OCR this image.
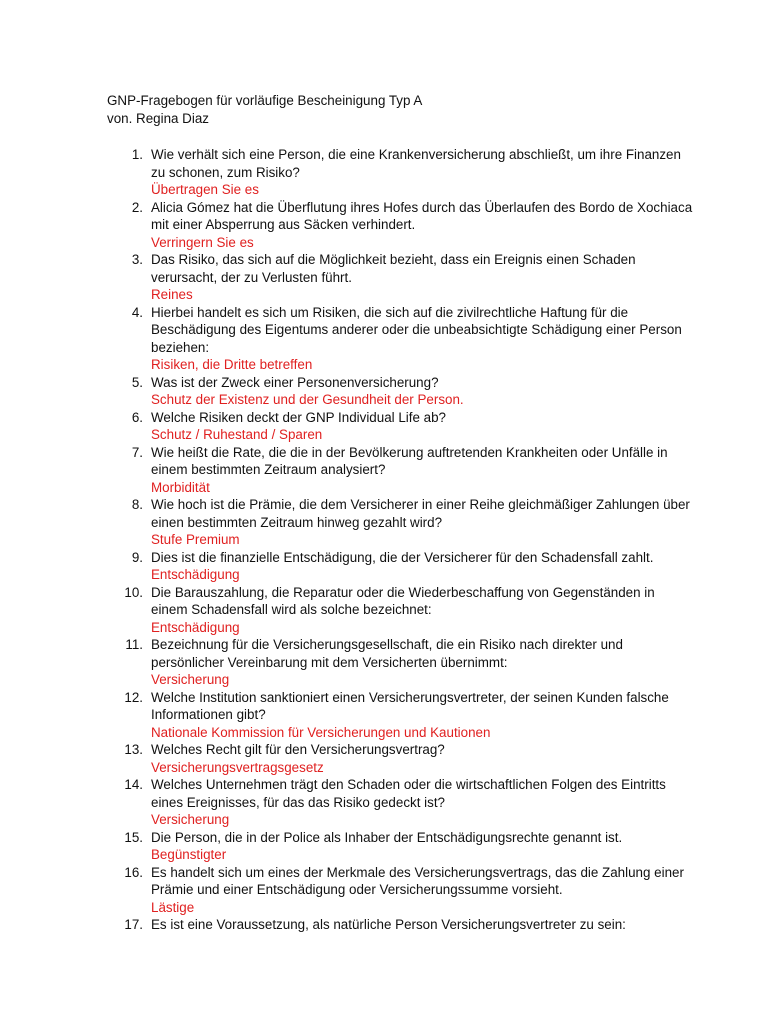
GNP-Fragebogen für vorläufige Bescheinigung Typ A
von. Regina Diaz
1. Wie verhält sich eine Person, die eine Krankenversicherung abschließt, um ihre Finanzen
zu schonen, zum Risiko?
Übertragen Sie es
2. Alicia Gómez hat die Überflutung ihres Hofes durch das Überlaufen des Bordo de Xochiaca
mit einer Absperrung aus Säcken verhindert.
Verringern Sie es
3. Das Risiko, das sich auf die Möglichkeit bezieht, dass ein Ereignis einen Schaden
verursacht, der zu Verlusten führt.
Reines
4. Hierbei handelt es sich um Risiken, die sich auf die zivilrechtliche Haftung für die
Beschädigung des Eigentums anderer oder die unbeabsichtigte Schädigung einer Person
beziehen:
Risiken, die Dritte betreffen
5. Was ist der Zweck einer Personenversicherung?
Schutz der Existenz und der Gesundheit der Person.
6. Welche Risiken deckt der GNP Individual Life ab?
Schutz / Ruhestand / Sparen
7. Wie heißt die Rate, die die in der Bevölkerung auftretenden Krankheiten oder Unfälle in
einem bestimmten Zeitraum analysiert?
Morbidität
8. Wie hoch ist die Prämie, die dem Versicherer in einer Reihe gleichmäßiger Zahlungen über
einen bestimmten Zeitraum hinweg gezahlt wird?
Stufe Premium
9. Dies ist die finanzielle Entschädigung, die der Versicherer für den Schadensfall zahlt.
Entschädigung
10. Die Barauszahlung, die Reparatur oder die Wiederbeschaffung von Gegenständen in
einem Schadensfall wird als solche bezeichnet:
Entschädigung
11. Bezeichnung für die Versicherungsgesellschaft, die ein Risiko nach direkter und
persönlicher Vereinbarung mit dem Versicherten übernimmt:
Versicherung
12. Welche Institution sanktioniert einen Versicherungsvertreter, der seinen Kunden falsche
Informationen gibt?
Nationale Kommission für Versicherungen und Kautionen
13. Welches Recht gilt für den Versicherungsvertrag?
Versicherungsvertragsgesetz
14. Welches Unternehmen trägt den Schaden oder die wirtschaftlichen Folgen des Eintritts
eines Ereignisses, für das das Risiko gedeckt ist?
Versicherung
15. Die Person, die in der Police als Inhaber der Entschädigungsrechte genannt ist.
Begünstigter
16. Es handelt sich um eines der Merkmale des Versicherungsvertrags, das die Zahlung einer
Prämie und einer Entschädigung oder Versicherungssumme vorsieht.
Lästige
17. Es ist eine Voraussetzung, als natürliche Person Versicherungsvertreter zu sein:
